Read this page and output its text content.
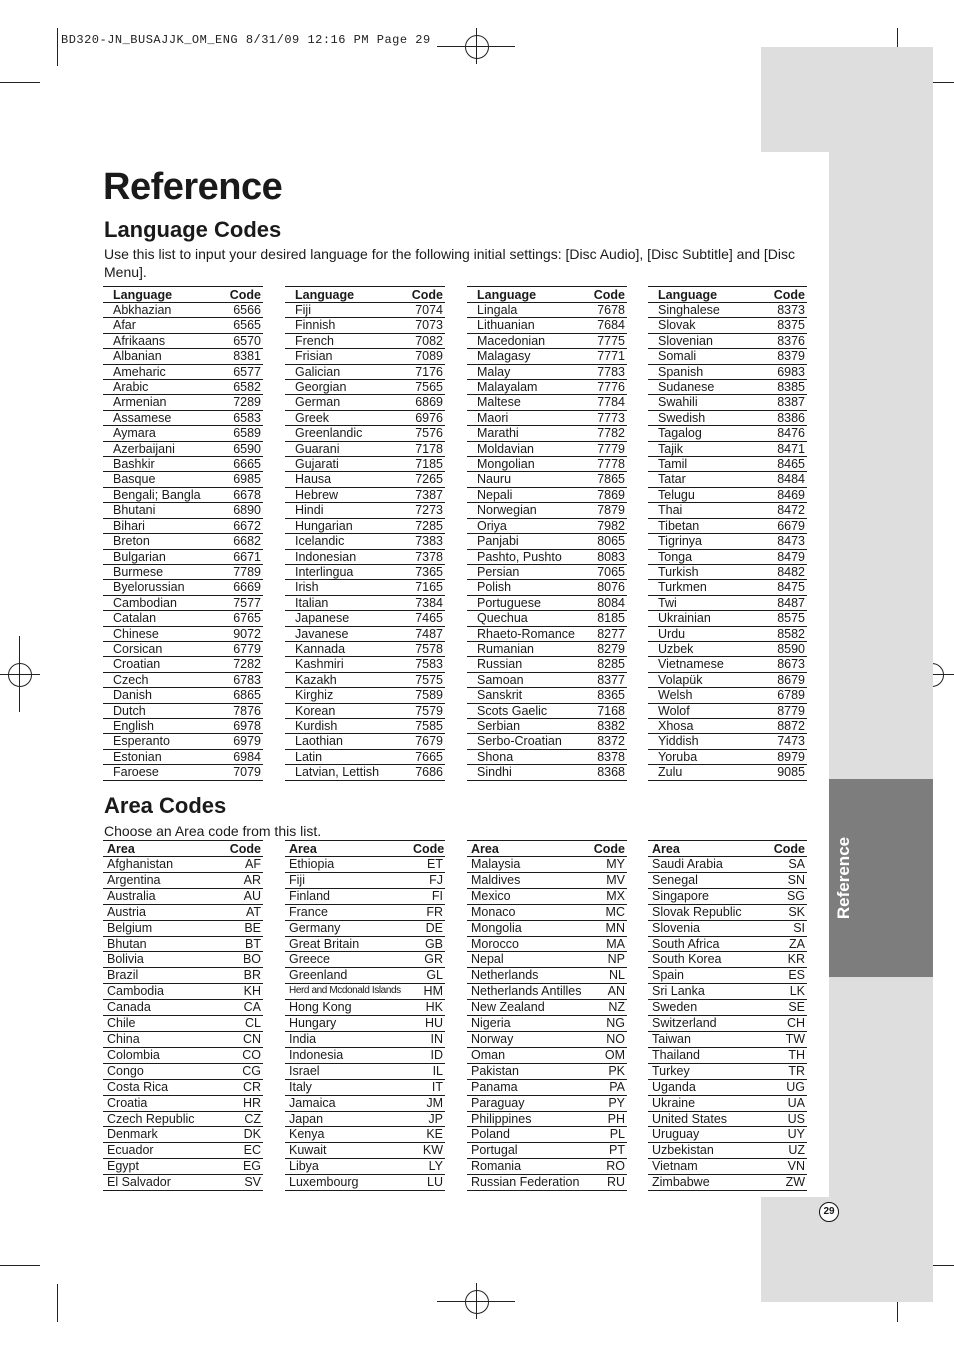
BD320-JN_BUSAJJK_OM_ENG 8/31/09 12:16 PM Page 29
Reference
Reference
Language Codes
Use this list to input your desired language for the following initial settings: [Disc Audio], [Disc Subtitle] and [Disc Menu].
Language	Code
Abkhazian	6566
Afar	6565
Afrikaans	6570
Albanian	8381
Ameharic	6577
Arabic	6582
Armenian	7289
Assamese	6583
Aymara	6589
Azerbaijani	6590
Bashkir	6665
Basque	6985
Bengali; Bangla	6678
Bhutani	6890
Bihari	6672
Breton	6682
Bulgarian	6671
Burmese	7789
Byelorussian	6669
Cambodian	7577
Catalan	6765
Chinese	9072
Corsican	6779
Croatian	7282
Czech	6783
Danish	6865
Dutch	7876
English	6978
Esperanto	6979
Estonian	6984
Faroese	7079
Language	Code
Fiji	7074
Finnish	7073
French	7082
Frisian	7089
Galician	7176
Georgian	7565
German	6869
Greek	6976
Greenlandic	7576
Guarani	7178
Gujarati	7185
Hausa	7265
Hebrew	7387
Hindi	7273
Hungarian	7285
Icelandic	7383
Indonesian	7378
Interlingua	7365
Irish	7165
Italian	7384
Japanese	7465
Javanese	7487
Kannada	7578
Kashmiri	7583
Kazakh	7575
Kirghiz	7589
Korean	7579
Kurdish	7585
Laothian	7679
Latin	7665
Latvian, Lettish	7686
Language	Code
Lingala	7678
Lithuanian	7684
Macedonian	7775
Malagasy	7771
Malay	7783
Malayalam	7776
Maltese	7784
Maori	7773
Marathi	7782
Moldavian	7779
Mongolian	7778
Nauru	7865
Nepali	7869
Norwegian	7879
Oriya	7982
Panjabi	8065
Pashto, Pushto	8083
Persian	7065
Polish	8076
Portuguese	8084
Quechua	8185
Rhaeto-Romance	8277
Rumanian	8279
Russian	8285
Samoan	8377
Sanskrit	8365
Scots Gaelic	7168
Serbian	8382
Serbo-Croatian	8372
Shona	8378
Sindhi	8368
Language	Code
Singhalese	8373
Slovak	8375
Slovenian	8376
Somali	8379
Spanish	6983
Sudanese	8385
Swahili	8387
Swedish	8386
Tagalog	8476
Tajik	8471
Tamil	8465
Tatar	8484
Telugu	8469
Thai	8472
Tibetan	6679
Tigrinya	8473
Tonga	8479
Turkish	8482
Turkmen	8475
Twi	8487
Ukrainian	8575
Urdu	8582
Uzbek	8590
Vietnamese	8673
Volapük	8679
Welsh	6789
Wolof	8779
Xhosa	8872
Yiddish	7473
Yoruba	8979
Zulu	9085
Area Codes
Choose an Area code from this list.
Area	Code
Afghanistan	AF
Argentina	AR
Australia	AU
Austria	AT
Belgium	BE
Bhutan	BT
Bolivia	BO
Brazil	BR
Cambodia	KH
Canada	CA
Chile	CL
China	CN
Colombia	CO
Congo	CG
Costa Rica	CR
Croatia	HR
Czech Republic	CZ
Denmark	DK
Ecuador	EC
Egypt	EG
El Salvador	SV
Area	Code
Ethiopia	ET
Fiji	FJ
Finland	FI
France	FR
Germany	DE
Great Britain	GB
Greece	GR
Greenland	GL
Herd and Mcdonald Islands	HM
Hong Kong	HK
Hungary	HU
India	IN
Indonesia	ID
Israel	IL
Italy	IT
Jamaica	JM
Japan	JP
Kenya	KE
Kuwait	KW
Libya	LY
Luxembourg	LU
Area	Code
Malaysia	MY
Maldives	MV
Mexico	MX
Monaco	MC
Mongolia	MN
Morocco	MA
Nepal	NP
Netherlands	NL
Netherlands Antilles	AN
New Zealand	NZ
Nigeria	NG
Norway	NO
Oman	OM
Pakistan	PK
Panama	PA
Paraguay	PY
Philippines	PH
Poland	PL
Portugal	PT
Romania	RO
Russian Federation	RU
Area	Code
Saudi Arabia	SA
Senegal	SN
Singapore	SG
Slovak Republic	SK
Slovenia	SI
South Africa	ZA
South Korea	KR
Spain	ES
Sri Lanka	LK
Sweden	SE
Switzerland	CH
Taiwan	TW
Thailand	TH
Turkey	TR
Uganda	UG
Ukraine	UA
United States	US
Uruguay	UY
Uzbekistan	UZ
Vietnam	VN
Zimbabwe	ZW
29
